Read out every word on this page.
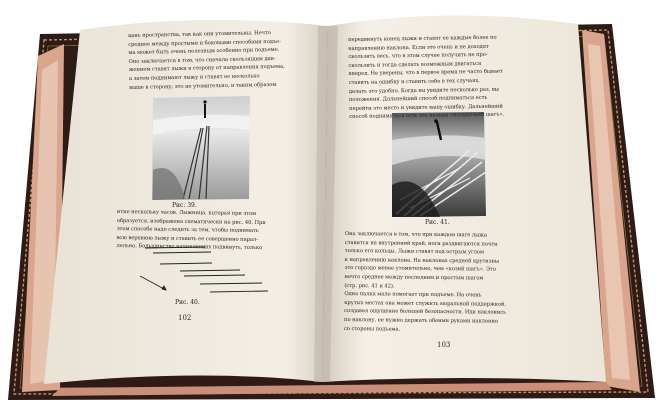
цань пространства, так как они утомительны. Нечто
среднее между простыми и боковыми способами подъе-
ма может быть очень полезным особенно при подъеме.
Оно заключается в том, что сначала скользящим дви-
жением ставят лыжи в сторону от направления подъема,
а затем поднимают лыжу и ставят ее несколько
выше в сторону; это не утомительно, и таким образом
Рис. 39.
нтие нескольку часов. Лыжница, которая при этом
образуется, изображена схематически на рис. 40. При
этом способе надо следить за тем, чтобы поднимать
всю верхнюю лыжу и ставить ее совершенно парал-
лельно. Большинство начинающих подвинуть, только
Рис. 40.
102
передвинуть конец лыжи и ставят ее каждые более по
направлению наклона. Если это очень и не доходят
скользить весь, что в этом случае получить не про-
скользить и тогда сделать возможным двигаться
вперед. Не уверены, что в первое время не часто бывает
ставить на ошибку и ставить себе в тех случаях,
делать это удобно. Когда вы увидите несколько раз, вы
положения. Дальнейший способ подниматься есть
перейти это место и увидите вашу ошибку. Дальнейший
способ подниматься есть тех называ «полукозьей шагъ».
Рис. 41.
Она заключается в том, что при каждом шаге лыжа
ставится на внутренний край, ноги раздвигаются почти
только его кольцы. Лыжи ставят под острым углом
к направлению наклона. На наклонах средней крутизны
это гораздо менее утомительно, чем «козий шагъ». Это
нечто среднее между последним и простым шагом
(стр. рис. 41 и 42).
Одна палка мало помогает при подъеме. На очень
крутых местах она может служить моральной поддержкой,
создавая ощущение большей безопасности. Иди наклонись
по наклону, ее нужно держать обеими руками наклонно
со стороны подъема.
103
